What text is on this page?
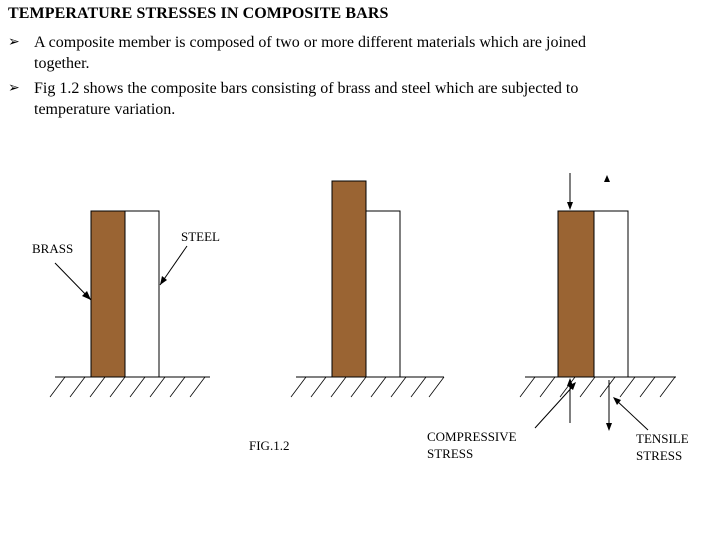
TEMPERATURE STRESSES IN COMPOSITE BARS
➢ A composite member is composed of two or more different materials which are joined
together.
➢ Fig 1.2 shows the composite bars consisting of brass and steel which are subjected to
temperature variation.
BRASS
STEEL
COMPRESSIVE STRESS
TENSILE STRESS
FIG.1.2
